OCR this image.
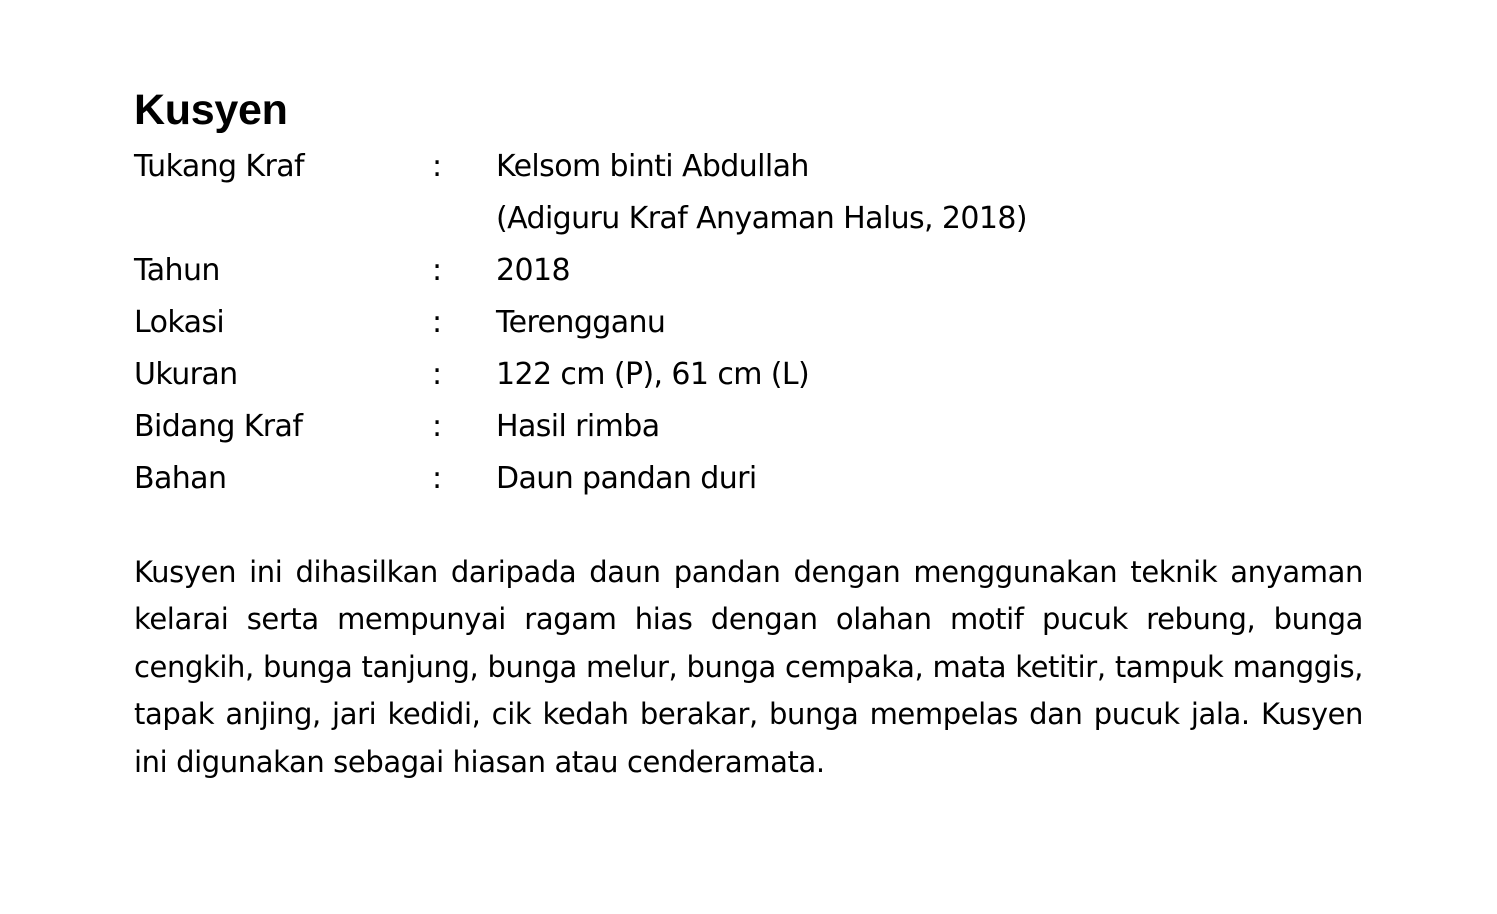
Kusyen
Tukang Kraf	: Kelsom binti Abdullah
(Adiguru Kraf Anyaman Halus, 2018)
Tahun	: 2018
Lokasi	: Terengganu
Ukuran	: 122 cm (P), 61 cm (L)
Bidang Kraf	: Hasil rimba
Bahan	: Daun pandan duri

Kusyen ini dihasilkan daripada daun pandan dengan menggunakan teknik anyaman kelarai serta mempunyai ragam hias dengan olahan motif pucuk rebung, bunga cengkih, bunga tanjung, bunga melur, bunga cempaka, mata ketitir, tampuk manggis, tapak anjing, jari kedidi, cik kedah berakar, bunga mempelas dan pucuk jala. Kusyen ini digunakan sebagai hiasan atau cenderamata.
